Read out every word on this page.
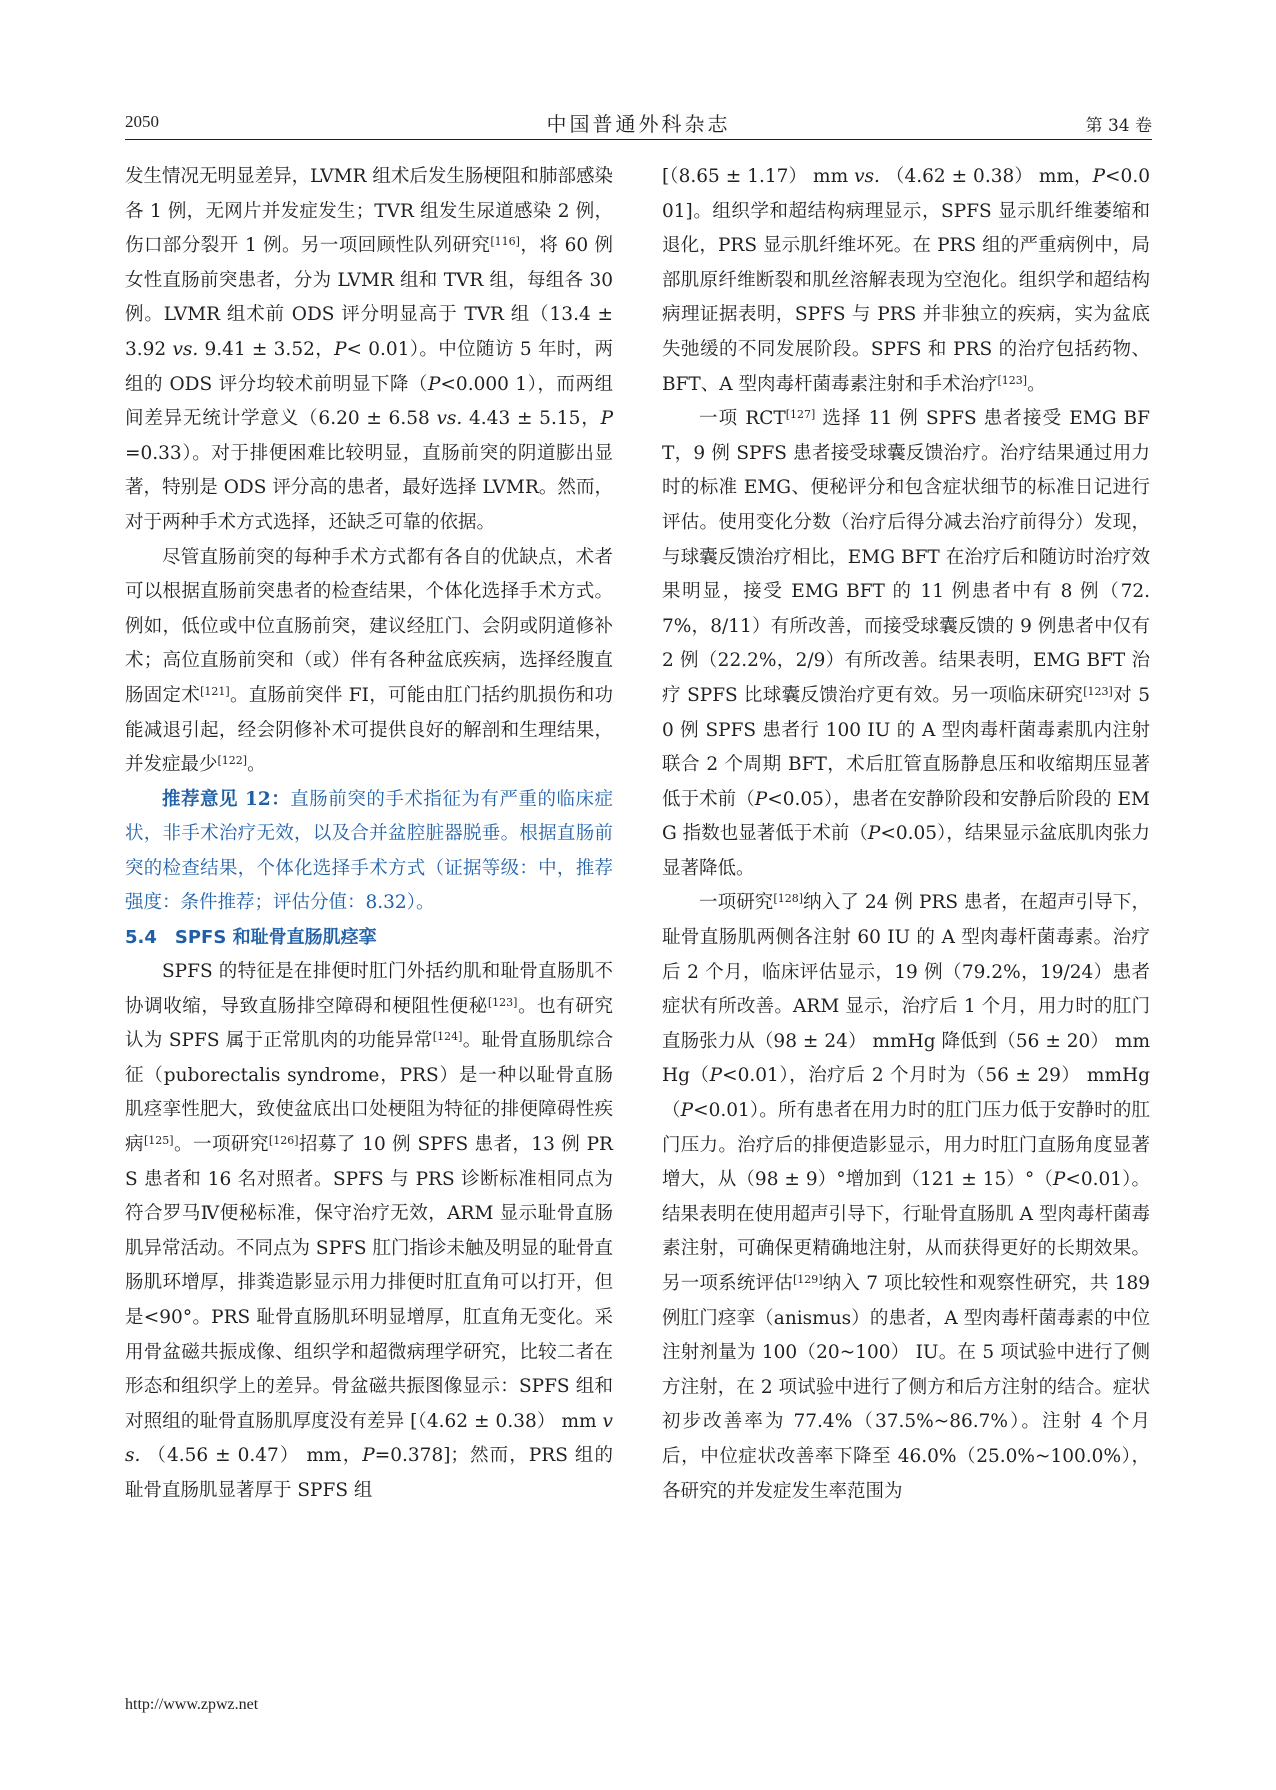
2050	中国普通外科杂志	第 34 卷

发生情况无明显差异，LVMR 组术后发生肠梗阻和肺部感染各 1 例，无网片并发症发生；TVR 组发生尿道感染 2 例，伤口部分裂开 1 例。另一项回顾性队列研究[116]，将 60 例女性直肠前突患者，分为 LVMR 组和 TVR 组，每组各 30 例。LVMR 组术前 ODS 评分明显高于 TVR 组（13.4 ± 3.92 vs. 9.41 ± 3.52，P< 0.01）。中位随访 5 年时，两组的 ODS 评分均较术前明显下降（P<0.000 1），而两组间差异无统计学意义（6.20 ± 6.58 vs. 4.43 ± 5.15，P=0.33）。对于排便困难比较明显，直肠前突的阴道膨出显著，特别是 ODS 评分高的患者，最好选择 LVMR。然而，对于两种手术方式选择，还缺乏可靠的依据。

尽管直肠前突的每种手术方式都有各自的优缺点，术者可以根据直肠前突患者的检查结果，个体化选择手术方式。例如，低位或中位直肠前突，建议经肛门、会阴或阴道修补术；高位直肠前突和（或）伴有各种盆底疾病，选择经腹直肠固定术[121]。直肠前突伴 FI，可能由肛门括约肌损伤和功能减退引起，经会阴修补术可提供良好的解剖和生理结果，并发症最少[122]。

推荐意见 12：直肠前突的手术指征为有严重的临床症状，非手术治疗无效，以及合并盆腔脏器脱垂。根据直肠前突的检查结果，个体化选择手术方式（证据等级：中，推荐强度：条件推荐；评估分值：8.32）。

5.4　SPFS 和耻骨直肠肌痉挛

SPFS 的特征是在排便时肛门外括约肌和耻骨直肠肌不协调收缩，导致直肠排空障碍和梗阻性便秘[123]。也有研究认为 SPFS 属于正常肌肉的功能异常[124]。耻骨直肠肌综合征（puborectalis syndrome，PRS）是一种以耻骨直肠肌痉挛性肥大，致使盆底出口处梗阻为特征的排便障碍性疾病[125]。一项研究[126]招募了 10 例 SPFS 患者，13 例 PRS 患者和 16 名对照者。SPFS 与 PRS 诊断标准相同点为符合罗马Ⅳ便秘标准，保守治疗无效，ARM 显示耻骨直肠肌异常活动。不同点为 SPFS 肛门指诊未触及明显的耻骨直肠肌环增厚，排粪造影显示用力排便时肛直角可以打开，但是<90°。PRS 耻骨直肠肌环明显增厚，肛直角无变化。采用骨盆磁共振成像、组织学和超微病理学研究，比较二者在形态和组织学上的差异。骨盆磁共振图像显示：SPFS 组和对照组的耻骨直肠肌厚度没有差异 [（4.62 ± 0.38） mm vs. （4.56 ± 0.47） mm，P=0.378]；然而，PRS 组的耻骨直肠肌显著厚于 SPFS 组

[（8.65 ± 1.17） mm vs. （4.62 ± 0.38） mm，P<0.001]。组织学和超结构病理显示，SPFS 显示肌纤维萎缩和退化，PRS 显示肌纤维坏死。在 PRS 组的严重病例中，局部肌原纤维断裂和肌丝溶解表现为空泡化。组织学和超结构病理证据表明，SPFS 与 PRS 并非独立的疾病，实为盆底失弛缓的不同发展阶段。SPFS 和 PRS 的治疗包括药物、BFT、A 型肉毒杆菌毒素注射和手术治疗[123]。

一项 RCT[127] 选择 11 例 SPFS 患者接受 EMG BFT，9 例 SPFS 患者接受球囊反馈治疗。治疗结果通过用力时的标准 EMG、便秘评分和包含症状细节的标准日记进行评估。使用变化分数（治疗后得分减去治疗前得分）发现，与球囊反馈治疗相比，EMG BFT 在治疗后和随访时治疗效果明显，接受 EMG BFT 的 11 例患者中有 8 例（72.7%，8/11）有所改善，而接受球囊反馈的 9 例患者中仅有 2 例（22.2%，2/9）有所改善。结果表明，EMG BFT 治疗 SPFS 比球囊反馈治疗更有效。另一项临床研究[123]对 50 例 SPFS 患者行 100 IU 的 A 型肉毒杆菌毒素肌内注射联合 2 个周期 BFT，术后肛管直肠静息压和收缩期压显著低于术前（P<0.05），患者在安静阶段和安静后阶段的 EMG 指数也显著低于术前（P<0.05），结果显示盆底肌肉张力显著降低。

一项研究[128]纳入了 24 例 PRS 患者，在超声引导下，耻骨直肠肌两侧各注射 60 IU 的 A 型肉毒杆菌毒素。治疗后 2 个月，临床评估显示，19 例（79.2%，19/24）患者症状有所改善。ARM 显示，治疗后 1 个月，用力时的肛门直肠张力从（98 ± 24） mmHg 降低到（56 ± 20） mmHg（P<0.01），治疗后 2 个月时为（56 ± 29） mmHg（P<0.01）。所有患者在用力时的肛门压力低于安静时的肛门压力。治疗后的排便造影显示，用力时肛门直肠角度显著增大，从（98 ± 9）°增加到（121 ± 15）°（P<0.01）。结果表明在使用超声引导下，行耻骨直肠肌 A 型肉毒杆菌毒素注射，可确保更精确地注射，从而获得更好的长期效果。另一项系统评估[129]纳入 7 项比较性和观察性研究，共 189 例肛门痉挛（anismus）的患者，A 型肉毒杆菌毒素的中位注射剂量为 100（20~100） IU。在 5 项试验中进行了侧方注射，在 2 项试验中进行了侧方和后方注射的结合。症状初步改善率为 77.4%（37.5%~86.7%）。注射 4 个月后，中位症状改善率下降至 46.0%（25.0%~100.0%），各研究的并发症发生率范围为

http://www.zpwz.net
